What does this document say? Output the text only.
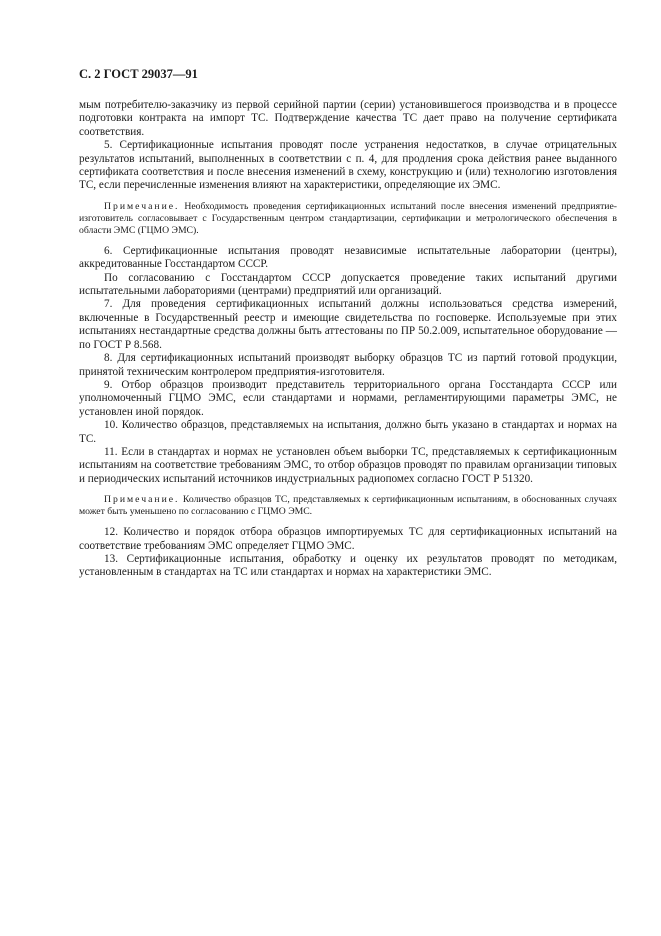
С. 2 ГОСТ 29037—91

мым потребителю-заказчику из первой серийной партии (серии) установившегося производства и в процессе подготовки контракта на импорт ТС. Подтверждение качества ТС дает право на получение сертификата соответствия.

5. Сертификационные испытания проводят после устранения недостатков, в случае отрицательных результатов испытаний, выполненных в соответствии с п. 4, для продления срока действия ранее выданного сертификата соответствия и после внесения изменений в схему, конструкцию и (или) технологию изготовления ТС, если перечисленные изменения влияют на характеристики, определяющие их ЭМС.

Примечание. Необходимость проведения сертификационных испытаний после внесения изменений предприятие-изготовитель согласовывает с Государственным центром стандартизации, сертификации и метрологического обеспечения в области ЭМС (ГЦМО ЭМС).

6. Сертификационные испытания проводят независимые испытательные лаборатории (центры), аккредитованные Госстандартом СССР.

По согласованию с Госстандартом СССР допускается проведение таких испытаний другими испытательными лабораториями (центрами) предприятий или организаций.

7. Для проведения сертификационных испытаний должны использоваться средства измерений, включенные в Государственный реестр и имеющие свидетельства по госповерке. Используемые при этих испытаниях нестандартные средства должны быть аттестованы по ПР 50.2.009, испытательное оборудование — по ГОСТ Р 8.568.

8. Для сертификационных испытаний производят выборку образцов ТС из партий готовой продукции, принятой техническим контролером предприятия-изготовителя.

9. Отбор образцов производит представитель территориального органа Госстандарта СССР или уполномоченный ГЦМО ЭМС, если стандартами и нормами, регламентирующими параметры ЭМС, не установлен иной порядок.

10. Количество образцов, представляемых на испытания, должно быть указано в стандартах и нормах на ТС.

11. Если в стандартах и нормах не установлен объем выборки ТС, представляемых к сертификационным испытаниям на соответствие требованиям ЭМС, то отбор образцов проводят по правилам организации типовых и периодических испытаний источников индустриальных радиопомех согласно ГОСТ Р 51320.

Примечание. Количество образцов ТС, представляемых к сертификационным испытаниям, в обоснованных случаях может быть уменьшено по согласованию с ГЦМО ЭМС.

12. Количество и порядок отбора образцов импортируемых ТС для сертификационных испытаний на соответствие требованиям ЭМС определяет ГЦМО ЭМС.

13. Сертификационные испытания, обработку и оценку их результатов проводят по методикам, установленным в стандартах на ТС или стандартах и нормах на характеристики ЭМС.
